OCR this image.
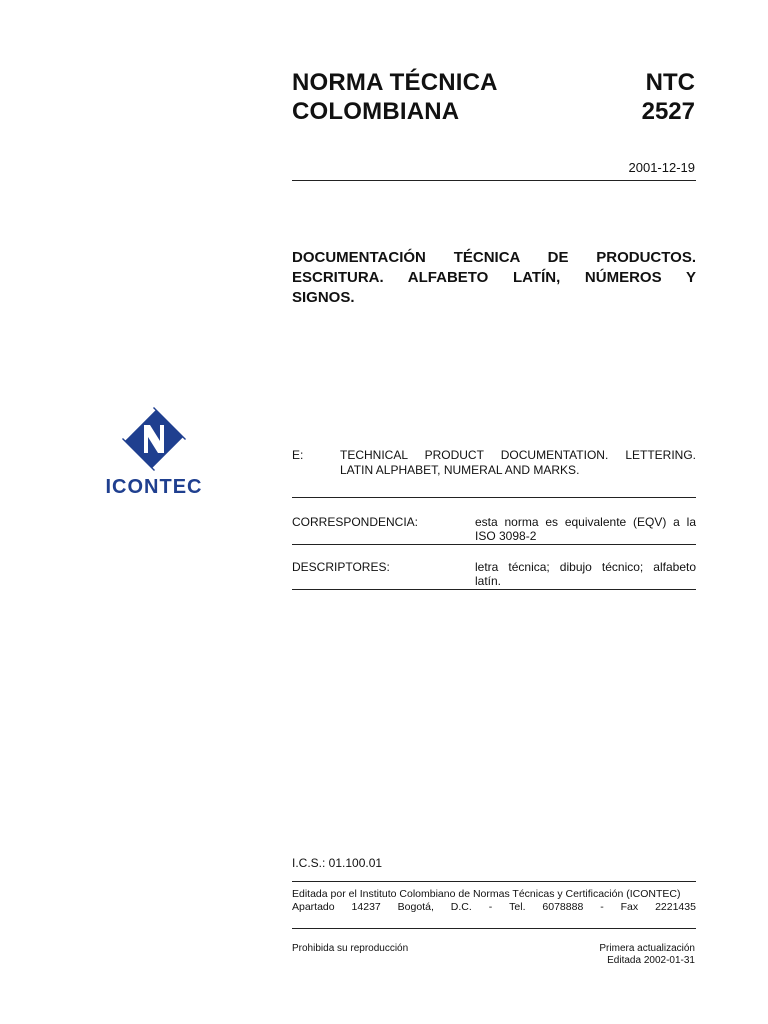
NORMA TÉCNICA
COLOMBIANA
NTC
2527
2001-12-19
DOCUMENTACIÓN TÉCNICA DE PRODUCTOS.
ESCRITURA. ALFABETO LATÍN, NÚMEROS Y
SIGNOS.
ICONTEC
E:	TECHNICAL PRODUCT DOCUMENTATION. LETTERING.
LATIN ALPHABET, NUMERAL AND MARKS.
CORRESPONDENCIA:	esta norma es equivalente (EQV) a la
ISO 3098-2
DESCRIPTORES:	letra técnica; dibujo técnico; alfabeto
latín.
I.C.S.: 01.100.01
Editada por el Instituto Colombiano de Normas Técnicas y Certificación (ICONTEC)
Apartado 14237 Bogotá, D.C. - Tel. 6078888 - Fax 2221435
Prohibida su reproducción	Primera actualización
Editada 2002-01-31
